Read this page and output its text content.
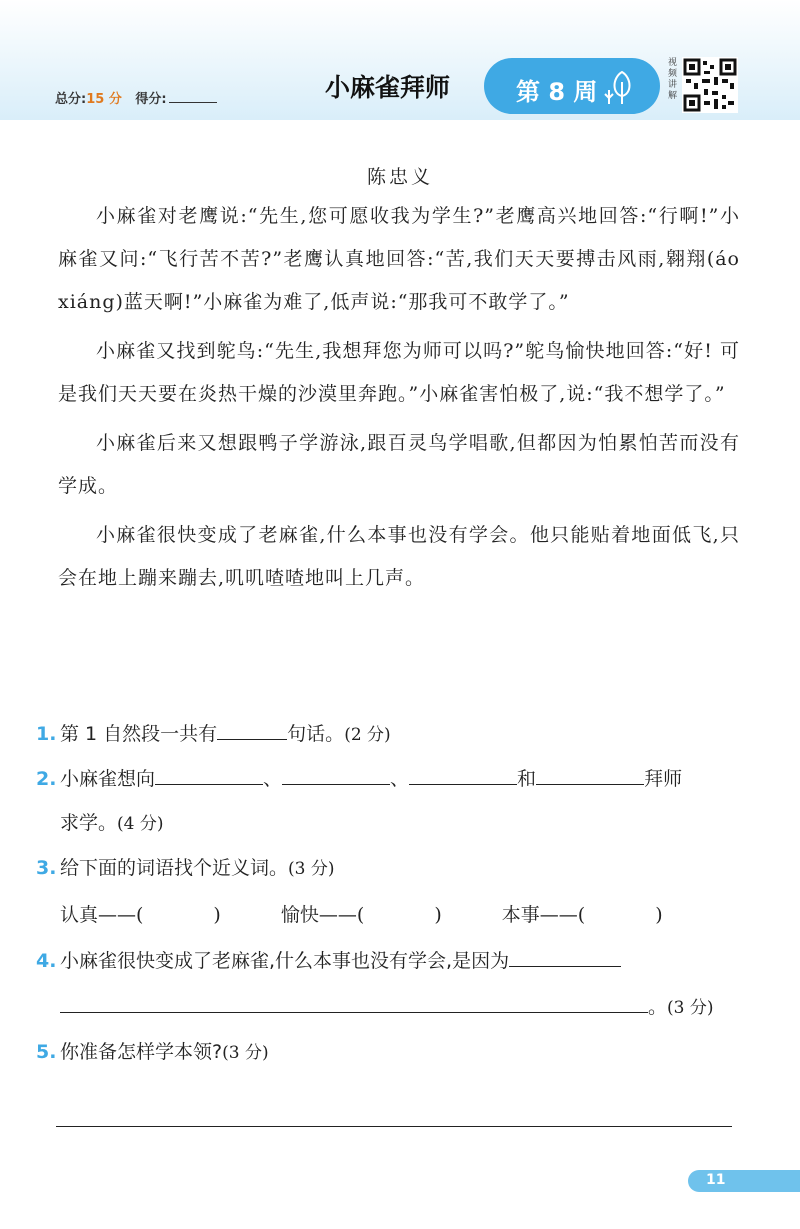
总分:15 分 得分:	小麻雀拜师	第 8 周
视频讲解
陈忠义

小麻雀对老鹰说:“先生,您可愿收我为学生?”老鹰高兴地回答:“行啊!”小麻雀又问:“飞行苦不苦?”老鹰认真地回答:“苦,我们天天要搏击风雨,翱翔(áo xiáng)蓝天啊!”小麻雀为难了,低声说:“那我可不敢学了。”

小麻雀又找到鸵鸟:“先生,我想拜您为师可以吗?”鸵鸟愉快地回答:“好! 可是我们天天要在炎热干燥的沙漠里奔跑。”小麻雀害怕极了,说:“我不想学了。”

小麻雀后来又想跟鸭子学游泳,跟百灵鸟学唱歌,但都因为怕累怕苦而没有学成。

小麻雀很快变成了老麻雀,什么本事也没有学会。他只能贴着地面低飞,只会在地上蹦来蹦去,叽叽喳喳地叫上几声。

1. 第 1 自然段一共有	句话。(2 分)
2. 小麻雀想向	、	、	和	拜师
求学。(4 分)
3. 给下面的词语找个近义词。(3 分)
认真——(	)	愉快——(	)	本事——(	)
4. 小麻雀很快变成了老麻雀,什么本事也没有学会,是因为
。(3 分)
5. 你准备怎样学本领?(3 分)
11
